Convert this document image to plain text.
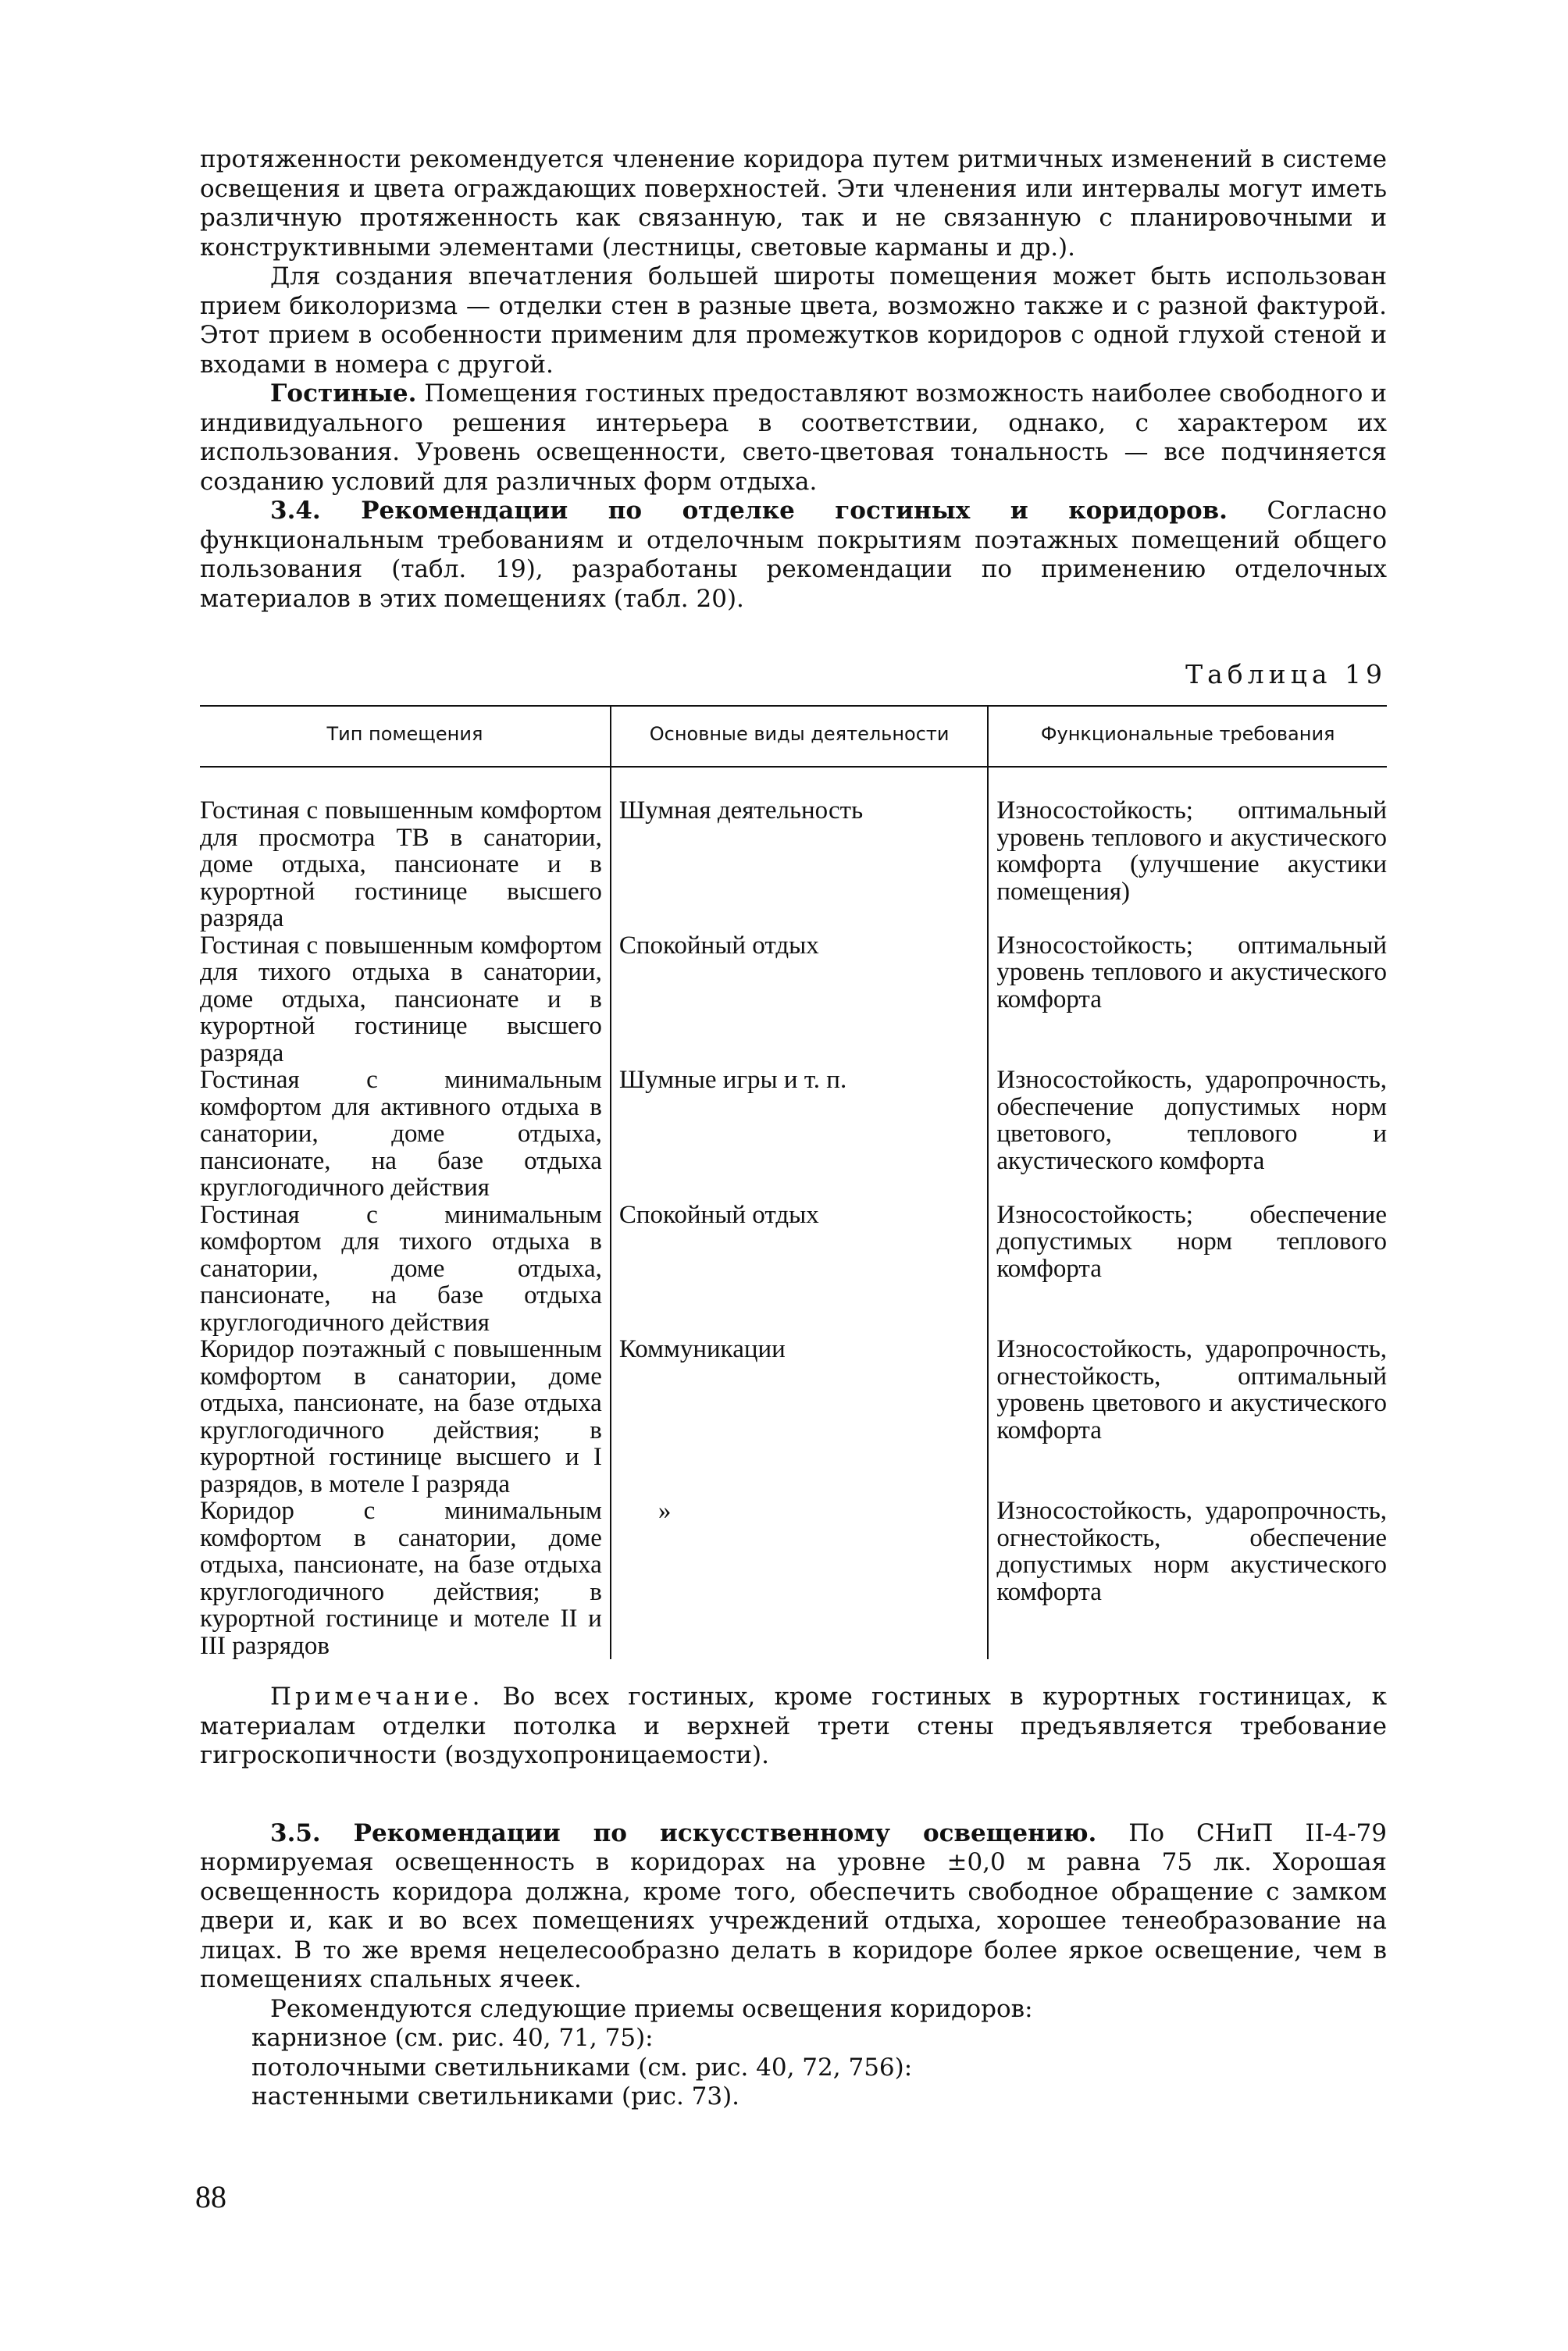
протяженности рекомендуется членение коридора путем ритмичных изменений в системе освещения и цвета ограждающих поверхностей. Эти членения или интервалы могут иметь различную протяженность как связанную, так и не связанную с планировочными и конструктивными элементами (лестницы, световые карманы и др.).

Для создания впечатления большей широты помещения может быть использован прием биколоризма — отделки стен в разные цвета, возможно также и с разной фактурой. Этот прием в особенности применим для промежутков коридоров с одной глухой стеной и входами в номера с другой.

Гостиные. Помещения гостиных предоставляют возможность наиболее свободного и индивидуального решения интерьера в соответствии, однако, с характером их использования. Уровень освещенности, свето-цветовая тональность — все подчиняется созданию условий для различных форм отдыха.

3.4. Рекомендации по отделке гостиных и коридоров. Согласно функциональным требованиям и отделочным покрытиям поэтажных помещений общего пользования (табл. 19), разработаны рекомендации по применению отделочных материалов в этих помещениях (табл. 20).

Таблица 19
Тип помещения	Основные виды деятельности	Функциональные требования
Гостиная с повышенным комфортом для просмотра ТВ в санатории, доме отдыха, пансионате и в курортной гостинице высшего разряда	Шумная деятельность	Износостойкость; оптимальный уровень теплового и акустического комфорта (улучшение акустики помещения)
Гостиная с повышенным комфортом для тихого отдыха в санатории, доме отдыха, пансионате и в курортной гостинице высшего разряда	Спокойный отдых	Износостойкость; оптимальный уровень теплового и акустического комфорта
Гостиная с минимальным комфортом для активного отдыха в санатории, доме отдыха, пансионате, на базе отдыха круглогодичного действия	Шумные игры и т. п.	Износостойкость, ударопрочность, обеспечение допустимых норм цветового, теплового и акустического комфорта
Гостиная с минимальным комфортом для тихого отдыха в санатории, доме отдыха, пансионате, на базе отдыха круглогодичного действия	Спокойный отдых	Износостойкость; обеспечение допустимых норм теплового комфорта
Коридор поэтажный с повышенным комфортом в санатории, доме отдыха, пансионате, на базе отдыха круглогодичного действия; в курортной гостинице высшего и I разрядов, в мотеле I разряда	Коммуникации	Износостойкость, ударопрочность, огнестойкость, оптимальный уровень цветового и акустического комфорта
Коридор с минимальным комфортом в санатории, доме отдыха, пансионате, на базе отдыха круглогодичного действия; в курортной гостинице и мотеле II и III разрядов	»	Износостойкость, ударопрочность, огнестойкость, обеспечение допустимых норм акустического комфорта

Примечание. Во всех гостиных, кроме гостиных в курортных гостиницах, к материалам отделки потолка и верхней трети стены предъявляется требование гигроскопичности (воздухопроницаемости).

3.5. Рекомендации по искусственному освещению. По СНиП II-4-79 нормируемая освещенность в коридорах на уровне ±0,0 м равна 75 лк. Хорошая освещенность коридора должна, кроме того, обеспечить свободное обращение с замком двери и, как и во всех помещениях учреждений отдыха, хорошее тенеобразование на лицах. В то же время нецелесообразно делать в коридоре более яркое освещение, чем в помещениях спальных ячеек.

Рекомендуются следующие приемы освещения коридоров:

карнизное (см. рис. 40, 71, 75):
потолочными светильниками (см. рис. 40, 72, 756):
настенными светильниками (рис. 73).
88
